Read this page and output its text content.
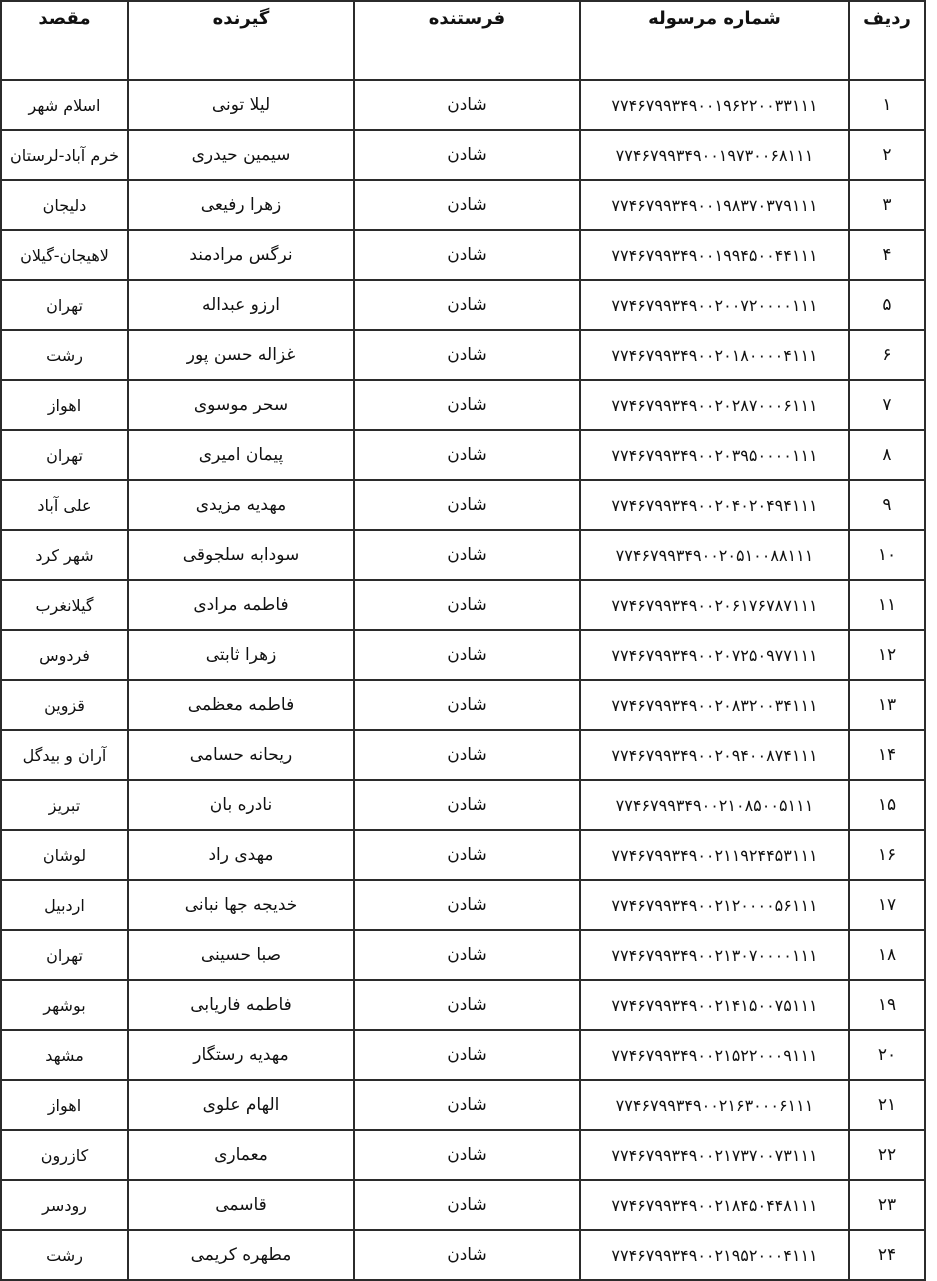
ردیف	شماره مرسوله	فرستنده	گیرنده	مقصد
۱	۷۷۴۶۷۹۹۳۴۹۰۰۱۹۶۲۲۰۰۳۳۱۱۱	شادن	لیلا تونی	اسلام شهر
۲	۷۷۴۶۷۹۹۳۴۹۰۰۱۹۷۳۰۰۶۸۱۱۱	شادن	سیمین حیدری	خرم آباد-لرستان
۳	۷۷۴۶۷۹۹۳۴۹۰۰۱۹۸۳۷۰۳۷۹۱۱۱	شادن	زهرا رفیعی	دلیجان
۴	۷۷۴۶۷۹۹۳۴۹۰۰۱۹۹۴۵۰۰۴۴۱۱۱	شادن	نرگس مرادمند	لاهیجان-گیلان
۵	۷۷۴۶۷۹۹۳۴۹۰۰۲۰۰۷۲۰۰۰۰۱۱۱	شادن	ارزو عبداله	تهران
۶	۷۷۴۶۷۹۹۳۴۹۰۰۲۰۱۸۰۰۰۰۴۱۱۱	شادن	غزاله حسن پور	رشت
۷	۷۷۴۶۷۹۹۳۴۹۰۰۲۰۲۸۷۰۰۰۶۱۱۱	شادن	سحر موسوی	اهواز
۸	۷۷۴۶۷۹۹۳۴۹۰۰۲۰۳۹۵۰۰۰۰۱۱۱	شادن	پیمان امیری	تهران
۹	۷۷۴۶۷۹۹۳۴۹۰۰۲۰۴۰۲۰۴۹۴۱۱۱	شادن	مهدیه مزیدی	علی آباد
۱۰	۷۷۴۶۷۹۹۳۴۹۰۰۲۰۵۱۰۰۸۸۱۱۱	شادن	سودابه سلجوقی	شهر کرد
۱۱	۷۷۴۶۷۹۹۳۴۹۰۰۲۰۶۱۷۶۷۸۷۱۱۱	شادن	فاطمه مرادی	گیلانغرب
۱۲	۷۷۴۶۷۹۹۳۴۹۰۰۲۰۷۲۵۰۹۷۷۱۱۱	شادن	زهرا ثابتی	فردوس
۱۳	۷۷۴۶۷۹۹۳۴۹۰۰۲۰۸۳۲۰۰۳۴۱۱۱	شادن	فاطمه معظمی	قزوین
۱۴	۷۷۴۶۷۹۹۳۴۹۰۰۲۰۹۴۰۰۸۷۴۱۱۱	شادن	ریحانه حسامی	آران و بیدگل
۱۵	۷۷۴۶۷۹۹۳۴۹۰۰۲۱۰۸۵۰۰۵۱۱۱	شادن	نادره بان	تبریز
۱۶	۷۷۴۶۷۹۹۳۴۹۰۰۲۱۱۹۲۴۴۵۳۱۱۱	شادن	مهدی راد	لوشان
۱۷	۷۷۴۶۷۹۹۳۴۹۰۰۲۱۲۰۰۰۰۵۶۱۱۱	شادن	خدیجه جها نبانی	اردبیل
۱۸	۷۷۴۶۷۹۹۳۴۹۰۰۲۱۳۰۷۰۰۰۰۱۱۱	شادن	صبا حسینی	تهران
۱۹	۷۷۴۶۷۹۹۳۴۹۰۰۲۱۴۱۵۰۰۷۵۱۱۱	شادن	فاطمه فاریابی	بوشهر
۲۰	۷۷۴۶۷۹۹۳۴۹۰۰۲۱۵۲۲۰۰۰۹۱۱۱	شادن	مهدیه رستگار	مشهد
۲۱	۷۷۴۶۷۹۹۳۴۹۰۰۲۱۶۳۰۰۰۶۱۱۱	شادن	الهام علوی	اهواز
۲۲	۷۷۴۶۷۹۹۳۴۹۰۰۲۱۷۳۷۰۰۷۳۱۱۱	شادن	معماری	کازرون
۲۳	۷۷۴۶۷۹۹۳۴۹۰۰۲۱۸۴۵۰۴۴۸۱۱۱	شادن	قاسمی	رودسر
۲۴	۷۷۴۶۷۹۹۳۴۹۰۰۲۱۹۵۲۰۰۰۴۱۱۱	شادن	مطهره کریمی	رشت
